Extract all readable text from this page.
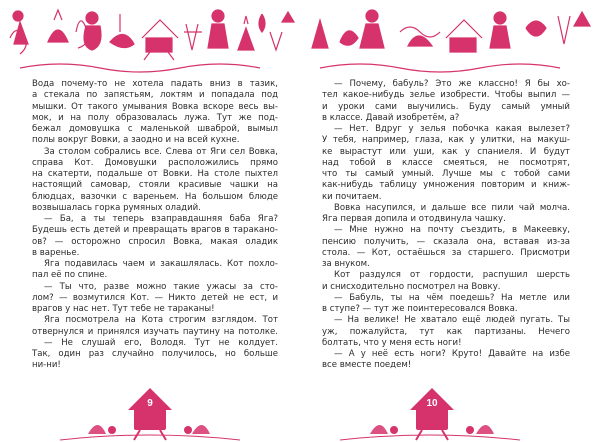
Вода почему-то не хотела падать вниз в тазик,
а стекала по запястьям, локтям и попадала под
мышки. От такого умывания Вовка вскоре весь вы-
мок, и на полу образовалась лужа. Тут же под-
бежал домовушка с маленькой шваброй, вымыл
полы вокруг Вовки, а заодно и на всей кухне.
За столом собрались все. Слева от Яги сел Вовка,
справа Кот. Домовушки расположились прямо
на скатерти, подальше от Вовки. На столе пыхтел
настоящий самовар, стояли красивые чашки на
блюдцах, вазочки с вареньем. На большом блюде
возвышалась горка румяных оладий.
— Ба, а ты теперь взаправдашняя баба Яга?
Будешь есть детей и превращать врагов в таракано-
ов? — осторожно спросил Вовка, макая оладик
в варенье.
Яга подавилась чаем и закашлялась. Кот похло-
пал её по спине.
— Ты что, разве можно такие ужасы за сто-
лом? — возмутился Кот. — Никто детей не ест, и
врагов у нас нет. Тут тебе не тараканы!
Яга посмотрела на Кота строгим взглядом. Тот
отвернулся и принялся изучать паутину на потолке.
— Не слушай его, Володя. Тут не колдует.
Так, один раз случайно получилось, но больше
ни-ни!
9
— Почему, бабуль? Это же классно! Я бы хо-
тел какое-нибудь зелье изобрести. Чтобы выпил —
и уроки сами выучились. Буду самый умный
в классе. Давай изобретём, а?
— Нет. Вдруг у зелья побочка какая вылезет?
У тебя, например, глаза, как у улитки, на макуш-
ке вырастут или уши, как у спаниеля. И будут
над тобой в классе смеяться, не посмотрят,
что ты самый умный. Лучше мы с тобой сами
как-нибудь таблицу умножения повторим и книж-
ки почитаем.
Вовка насупился, и дальше все пили чай молча.
Яга первая допила и отодвинула чашку.
— Мне нужно на почту съездить, в Макеевку,
пенсию получить, — сказала она, вставая из-за
стола. — Кот, остаёшься за старшего. Присмотри
за внуком.
Кот раздулся от гордости, распушил шерсть
и снисходительно посмотрел на Вовку.
— Бабуль, ты на чём поедешь? На метле или
в ступе? — тут же поинтересовался Вовка.
— На велике! Не хватало ещё людей пугать. Ты
уж, пожалуйста, тут как партизаны. Нечего
болтать, что у меня есть ноги!
— А у неё есть ноги? Круто! Давайте на избе
все вместе поедем!
10
